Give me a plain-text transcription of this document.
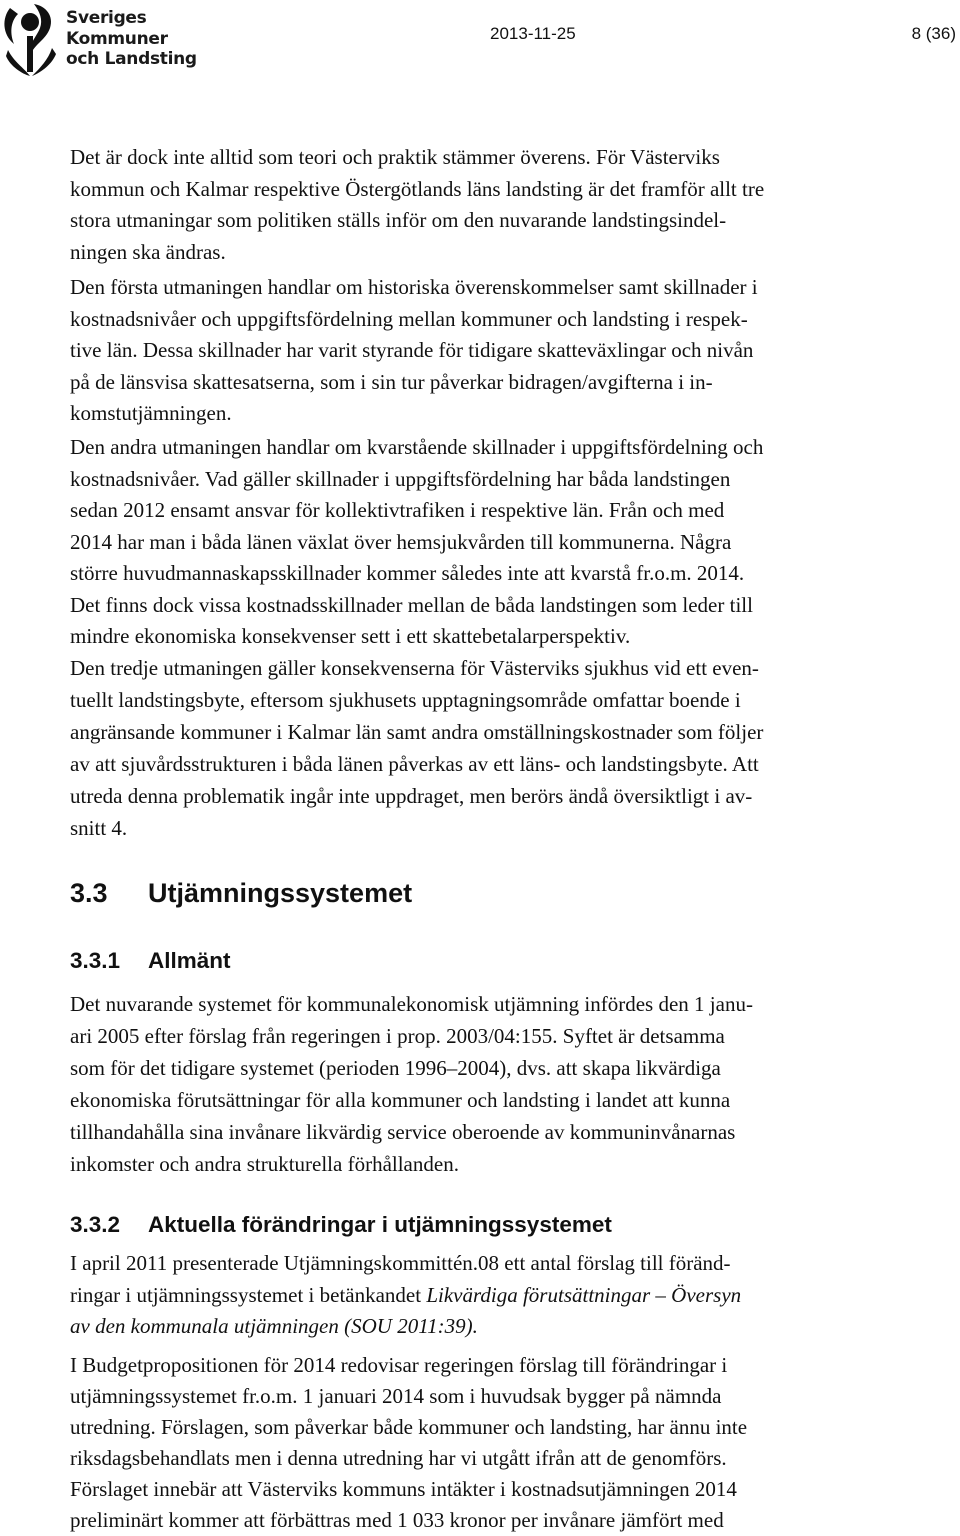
Sveriges
Kommuner
och Landsting
2013-11-25	8 (36)
Det är dock inte alltid som teori och praktik stämmer överens. För Västerviks
kommun och Kalmar respektive Östergötlands läns landsting är det framför allt tre
stora utmaningar som politiken ställs inför om den nuvarande landstingsindel-
ningen ska ändras.
Den första utmaningen handlar om historiska överenskommelser samt skillnader i
kostnadsnivåer och uppgiftsfördelning mellan kommuner och landsting i respek-
tive län. Dessa skillnader har varit styrande för tidigare skatteväxlingar och nivån
på de länsvisa skattesatserna, som i sin tur påverkar bidragen/avgifterna i in-
komstutjämningen.
Den andra utmaningen handlar om kvarstående skillnader i uppgiftsfördelning och
kostnadsnivåer. Vad gäller skillnader i uppgiftsfördelning har båda landstingen
sedan 2012 ensamt ansvar för kollektivtrafiken i respektive län. Från och med
2014 har man i båda länen växlat över hemsjukvården till kommunerna. Några
större huvudmannaskapsskillnader kommer således inte att kvarstå fr.o.m. 2014.
Det finns dock vissa kostnadsskillnader mellan de båda landstingen som leder till
mindre ekonomiska konsekvenser sett i ett skattebetalarperspektiv.
Den tredje utmaningen gäller konsekvenserna för Västerviks sjukhus vid ett even-
tuellt landstingsbyte, eftersom sjukhusets upptagningsområde omfattar boende i
angränsande kommuner i Kalmar län samt andra omställningskostnader som följer
av att sjuvårdsstrukturen i båda länen påverkas av ett läns- och landstingsbyte. Att
utreda denna problematik ingår inte uppdraget, men berörs ändå översiktligt i av-
snitt 4.
3.3 Utjämningssystemet
3.3.1 Allmänt
Det nuvarande systemet för kommunalekonomisk utjämning infördes den 1 janu-
ari 2005 efter förslag från regeringen i prop. 2003/04:155. Syftet är detsamma
som för det tidigare systemet (perioden 1996–2004), dvs. att skapa likvärdiga
ekonomiska förutsättningar för alla kommuner och landsting i landet att kunna
tillhandahålla sina invånare likvärdig service oberoende av kommuninvånarnas
inkomster och andra strukturella förhållanden.
3.3.2 Aktuella förändringar i utjämningssystemet
I april 2011 presenterade Utjämningskommittén.08 ett antal förslag till föränd-
ringar i utjämningssystemet i betänkandet Likvärdiga förutsättningar – Översyn
av den kommunala utjämningen (SOU 2011:39).
I Budgetpropositionen för 2014 redovisar regeringen förslag till förändringar i
utjämningssystemet fr.o.m. 1 januari 2014 som i huvudsak bygger på nämnda
utredning. Förslagen, som påverkar både kommuner och landsting, har ännu inte
riksdagsbehandlats men i denna utredning har vi utgått ifrån att de genomförs.
Förslaget innebär att Västerviks kommuns intäkter i kostnadsutjämningen 2014
preliminärt kommer att förbättras med 1 033 kronor per invånare jämfört med
